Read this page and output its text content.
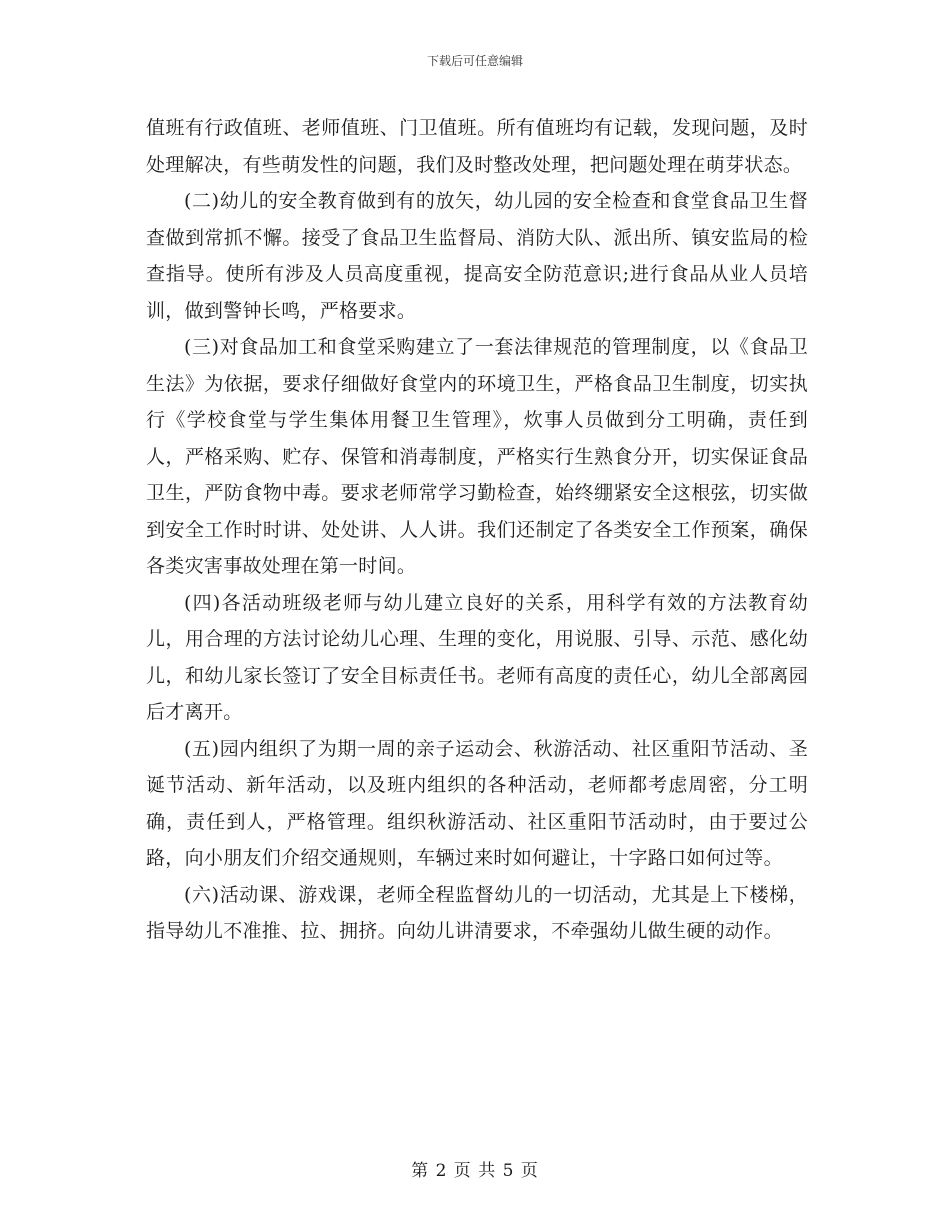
下载后可任意编辑

值班有行政值班、老师值班、门卫值班。所有值班均有记载，发现问题，及时处理解决，有些萌发性的问题，我们及时整改处理，把问题处理在萌芽状态。

(二)幼儿的安全教育做到有的放矢，幼儿园的安全检查和食堂食品卫生督查做到常抓不懈。接受了食品卫生监督局、消防大队、派出所、镇安监局的检查指导。使所有涉及人员高度重视，提高安全防范意识;进行食品从业人员培训，做到警钟长鸣，严格要求。

(三)对食品加工和食堂采购建立了一套法律规范的管理制度，以《食品卫生法》为依据，要求仔细做好食堂内的环境卫生，严格食品卫生制度，切实执行《学校食堂与学生集体用餐卫生管理》，炊事人员做到分工明确，责任到人，严格采购、贮存、保管和消毒制度，严格实行生熟食分开，切实保证食品卫生，严防食物中毒。要求老师常学习勤检查，始终绷紧安全这根弦，切实做到安全工作时时讲、处处讲、人人讲。我们还制定了各类安全工作预案，确保各类灾害事故处理在第一时间。

(四)各活动班级老师与幼儿建立良好的关系，用科学有效的方法教育幼儿，用合理的方法讨论幼儿心理、生理的变化，用说服、引导、示范、感化幼儿，和幼儿家长签订了安全目标责任书。老师有高度的责任心，幼儿全部离园后才离开。

(五)园内组织了为期一周的亲子运动会、秋游活动、社区重阳节活动、圣诞节活动、新年活动，以及班内组织的各种活动，老师都考虑周密，分工明确，责任到人，严格管理。组织秋游活动、社区重阳节活动时，由于要过公路，向小朋友们介绍交通规则，车辆过来时如何避让，十字路口如何过等。

(六)活动课、游戏课，老师全程监督幼儿的一切活动，尤其是上下楼梯，指导幼儿不准推、拉、拥挤。向幼儿讲清要求，不牵强幼儿做生硬的动作。

第 2 页 共 5 页
